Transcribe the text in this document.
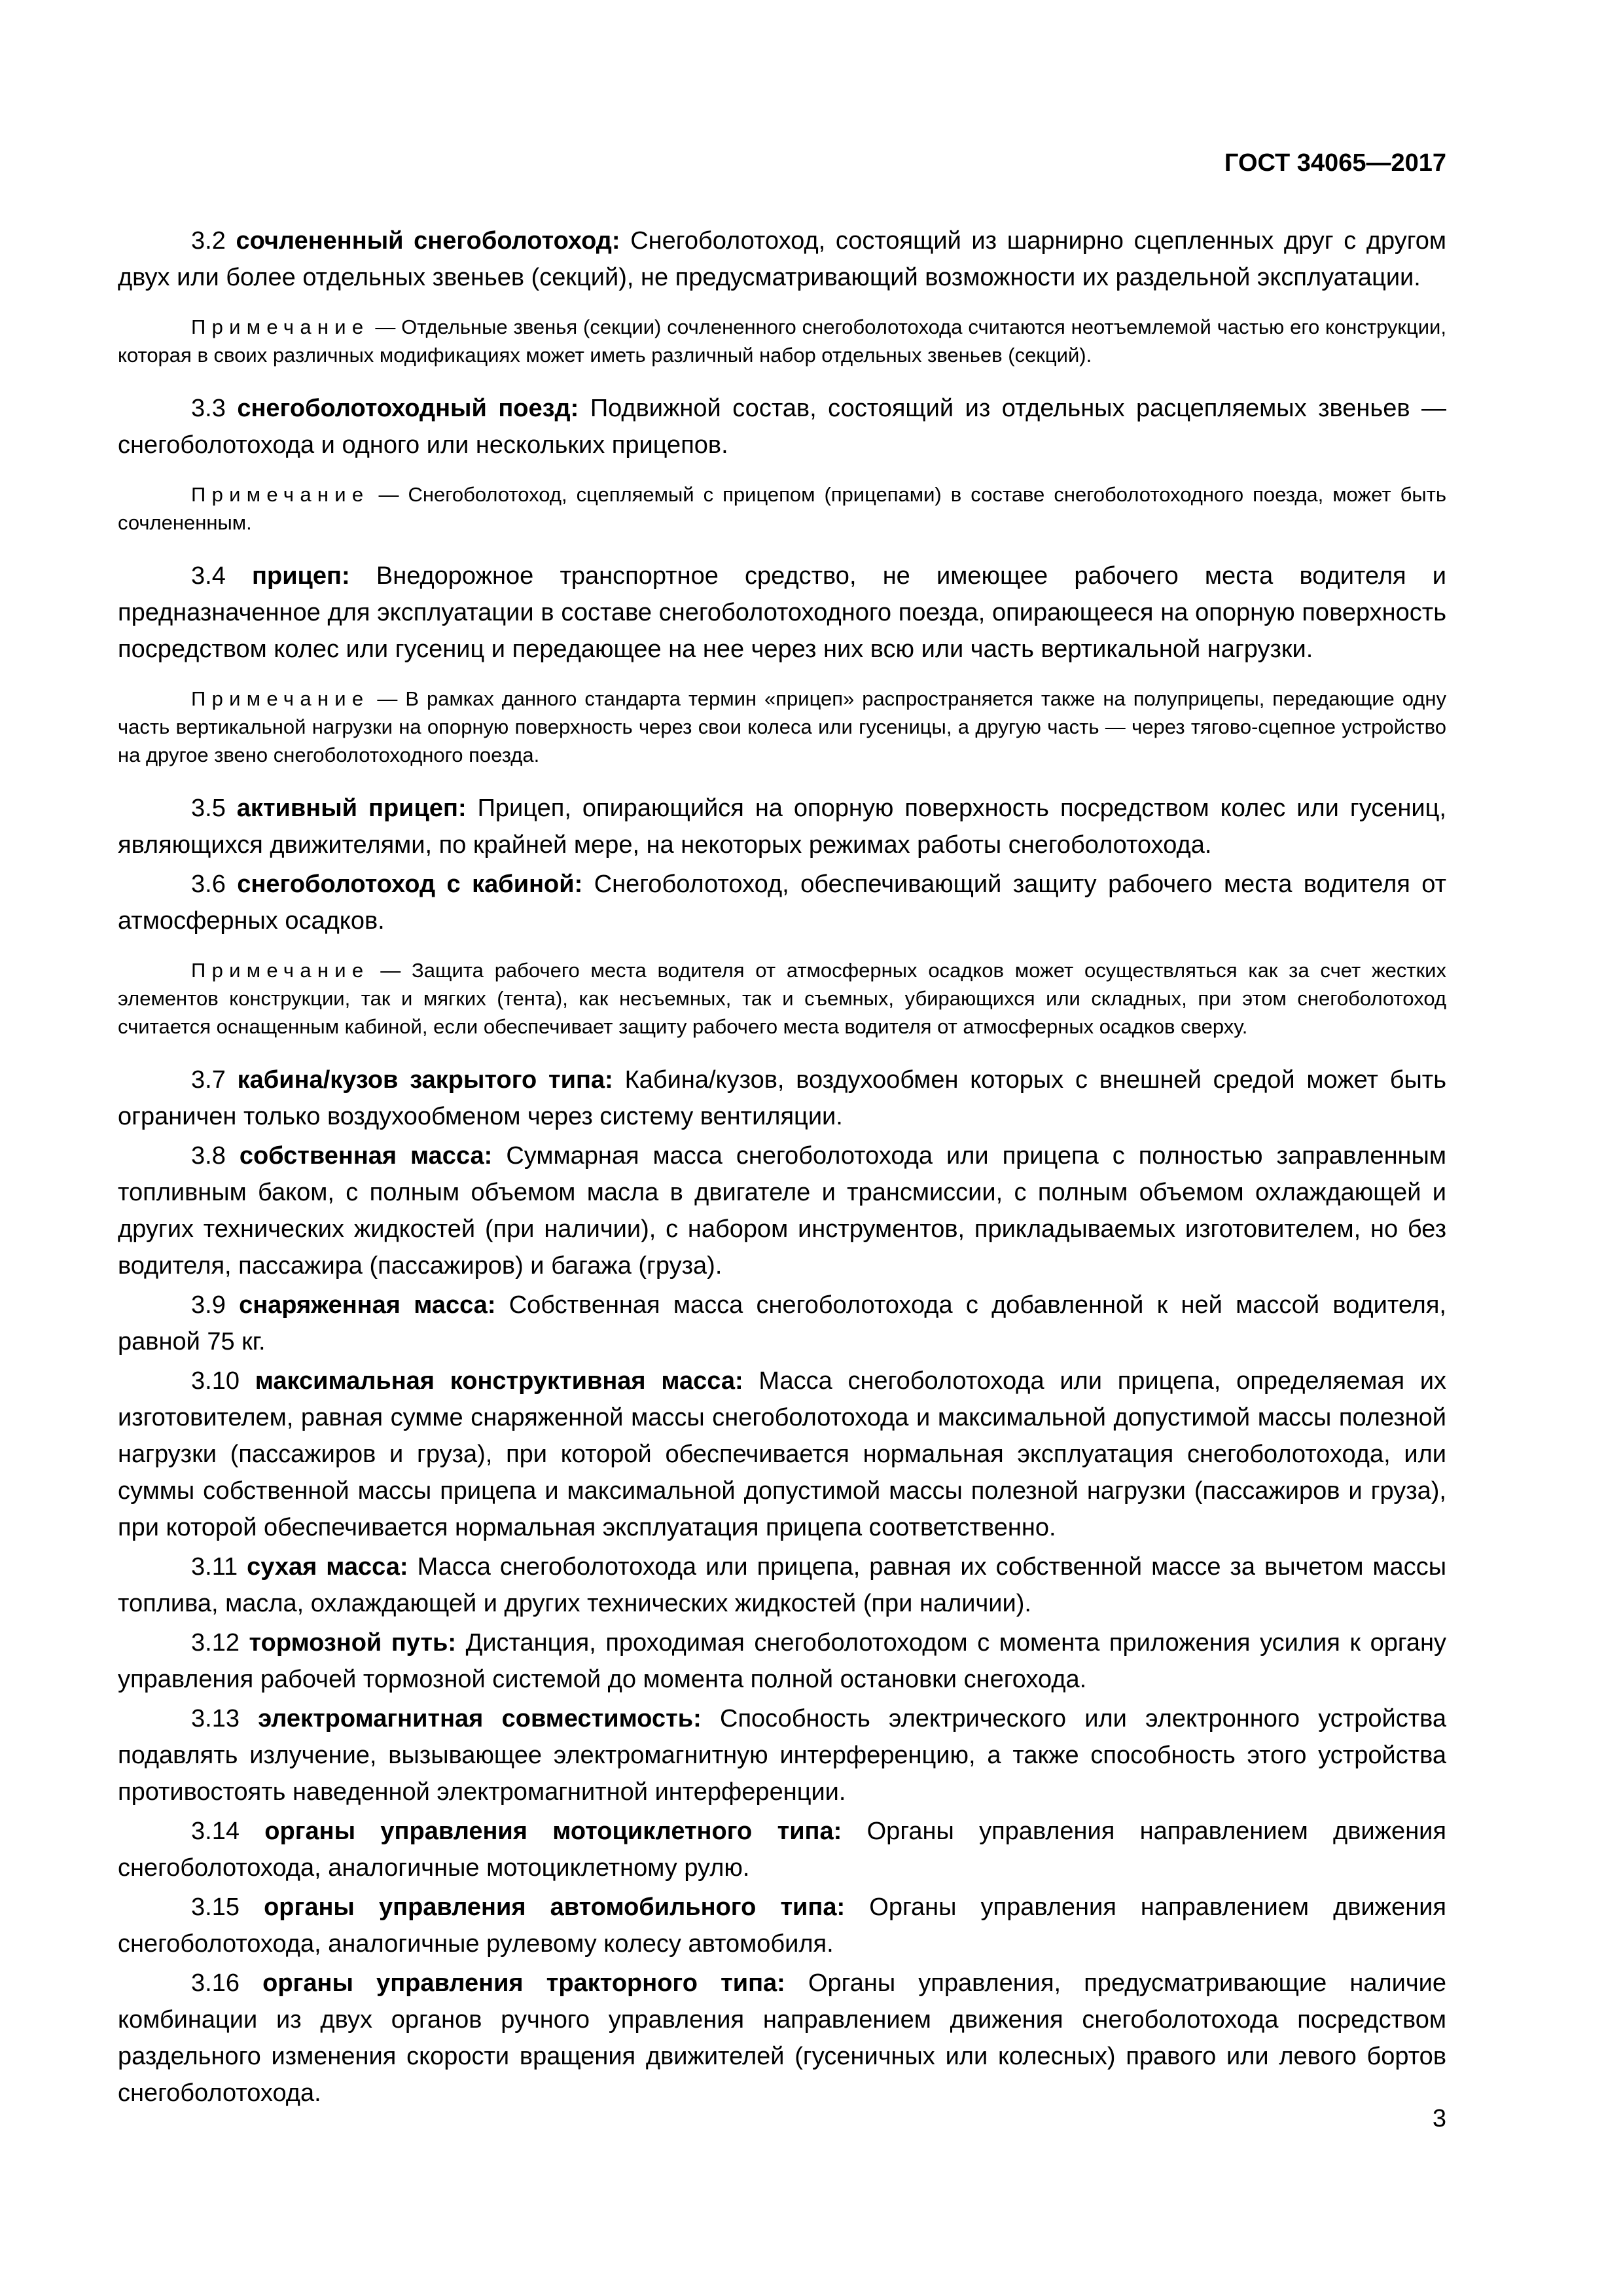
ГОСТ 34065—2017

3.2 сочлененный снегоболотоход: Снегоболотоход, состоящий из шарнирно сцепленных друг с другом двух или более отдельных звеньев (секций), не предусматривающий возможности их раздельной эксплуатации.

Примечание — Отдельные звенья (секции) сочлененного снегоболотохода считаются неотъемлемой частью его конструкции, которая в своих различных модификациях может иметь различный набор отдельных звеньев (секций).

3.3 снегоболотоходный поезд: Подвижной состав, состоящий из отдельных расцепляемых звеньев — снегоболотохода и одного или нескольких прицепов.

Примечание — Снегоболотоход, сцепляемый с прицепом (прицепами) в составе снегоболотоходного поезда, может быть сочлененным.

3.4 прицеп: Внедорожное транспортное средство, не имеющее рабочего места водителя и предназначенное для эксплуатации в составе снегоболотоходного поезда, опирающееся на опорную поверхность посредством колес или гусениц и передающее на нее через них всю или часть вертикальной нагрузки.

Примечание — В рамках данного стандарта термин «прицеп» распространяется также на полуприцепы, передающие одну часть вертикальной нагрузки на опорную поверхность через свои колеса или гусеницы, а другую часть — через тягово-сцепное устройство на другое звено снегоболотоходного поезда.

3.5 активный прицеп: Прицеп, опирающийся на опорную поверхность посредством колес или гусениц, являющихся движителями, по крайней мере, на некоторых режимах работы снегоболотохода.

3.6 снегоболотоход с кабиной: Снегоболотоход, обеспечивающий защиту рабочего места водителя от атмосферных осадков.

Примечание — Защита рабочего места водителя от атмосферных осадков может осуществляться как за счет жестких элементов конструкции, так и мягких (тента), как несъемных, так и съемных, убирающихся или складных, при этом снегоболотоход считается оснащенным кабиной, если обеспечивает защиту рабочего места водителя от атмосферных осадков сверху.

3.7 кабина/кузов закрытого типа: Кабина/кузов, воздухообмен которых с внешней средой может быть ограничен только воздухообменом через систему вентиляции.

3.8 собственная масса: Суммарная масса снегоболотохода или прицепа с полностью заправленным топливным баком, с полным объемом масла в двигателе и трансмиссии, с полным объемом охлаждающей и других технических жидкостей (при наличии), с набором инструментов, прикладываемых изготовителем, но без водителя, пассажира (пассажиров) и багажа (груза).

3.9 снаряженная масса: Собственная масса снегоболотохода с добавленной к ней массой водителя, равной 75 кг.

3.10 максимальная конструктивная масса: Масса снегоболотохода или прицепа, определяемая их изготовителем, равная сумме снаряженной массы снегоболотохода и максимальной допустимой массы полезной нагрузки (пассажиров и груза), при которой обеспечивается нормальная эксплуатация снегоболотохода, или суммы собственной массы прицепа и максимальной допустимой массы полезной нагрузки (пассажиров и груза), при которой обеспечивается нормальная эксплуатация прицепа соответственно.

3.11 сухая масса: Масса снегоболотохода или прицепа, равная их собственной массе за вычетом массы топлива, масла, охлаждающей и других технических жидкостей (при наличии).

3.12 тормозной путь: Дистанция, проходимая снегоболотоходом с момента приложения усилия к органу управления рабочей тормозной системой до момента полной остановки снегохода.

3.13 электромагнитная совместимость: Способность электрического или электронного устройства подавлять излучение, вызывающее электромагнитную интерференцию, а также способность этого устройства противостоять наведенной электромагнитной интерференции.

3.14 органы управления мотоциклетного типа: Органы управления направлением движения снегоболотохода, аналогичные мотоциклетному рулю.

3.15 органы управления автомобильного типа: Органы управления направлением движения снегоболотохода, аналогичные рулевому колесу автомобиля.

3.16 органы управления тракторного типа: Органы управления, предусматривающие наличие комбинации из двух органов ручного управления направлением движения снегоболотохода посредством раздельного изменения скорости вращения движителей (гусеничных или колесных) правого или левого бортов снегоболотохода.

3
